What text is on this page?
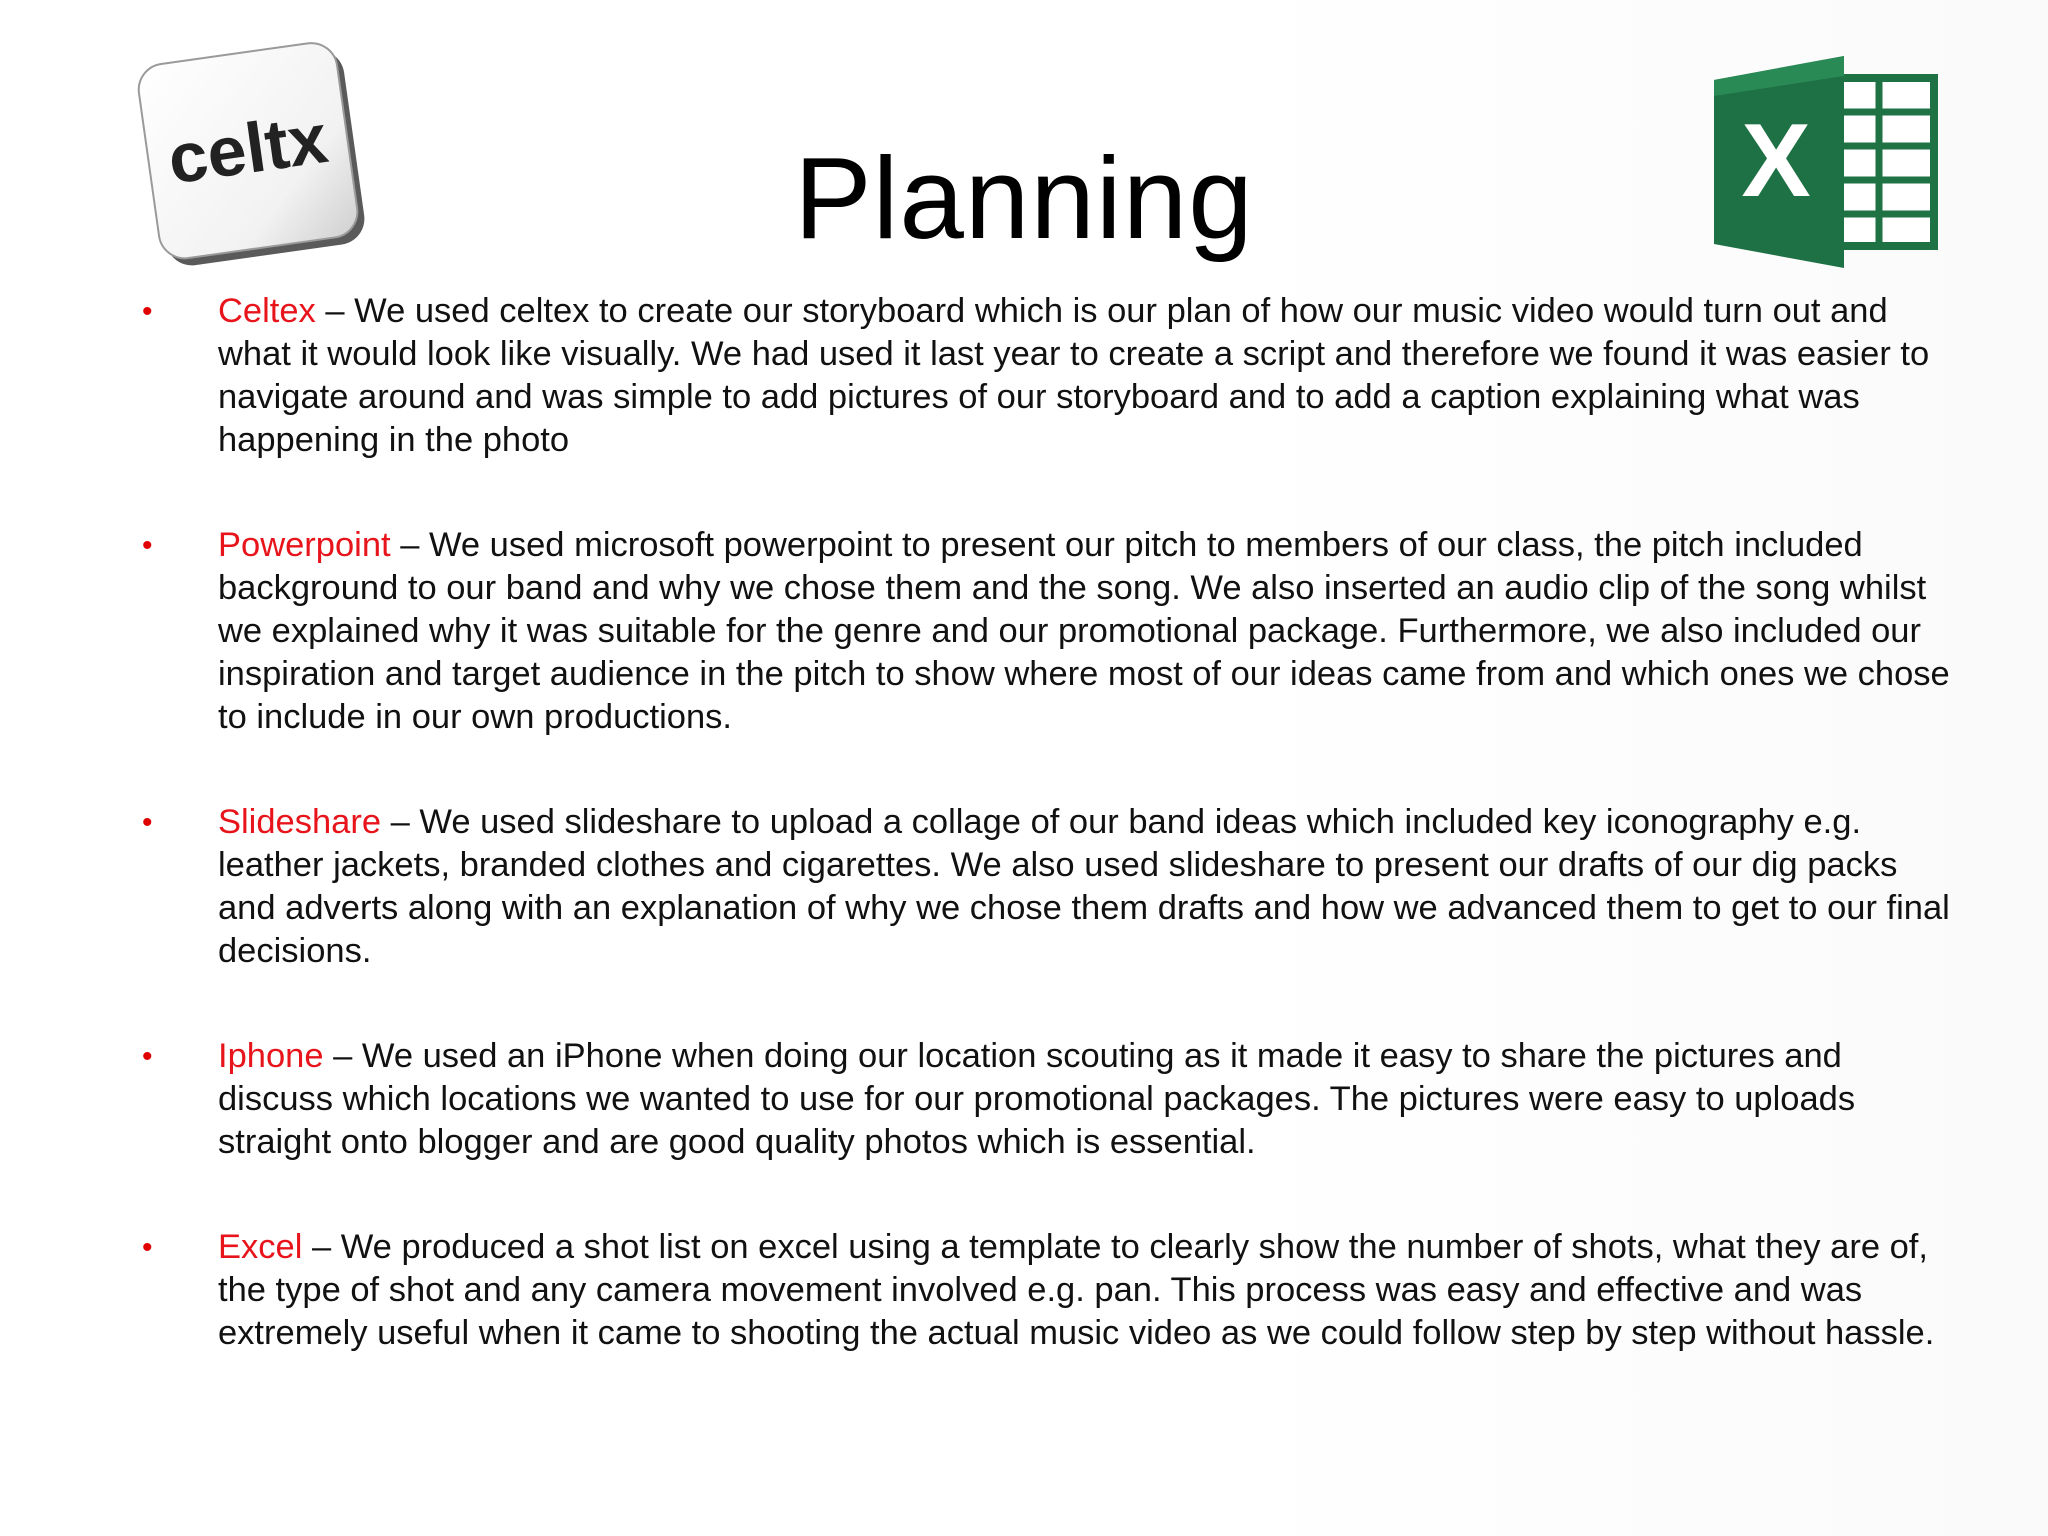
celtx	X
Planning
• Celtex – We used celtex to create our storyboard which is our plan of how our music video would turn out and what it would look like visually. We had used it last year to create a script and therefore we found it was easier to navigate around and was simple to add pictures of our storyboard and to add a caption explaining what was happening in the photo
• Powerpoint – We used microsoft powerpoint to present our pitch to members of our class, the pitch included background to our band and why we chose them and the song. We also inserted an audio clip of the song whilst we explained why it was suitable for the genre and our promotional package. Furthermore, we also included our inspiration and target audience in the pitch to show where most of our ideas came from and which ones we chose to include in our own productions.
• Slideshare – We used slideshare to upload a collage of our band ideas which included key iconography e.g. leather jackets, branded clothes and cigarettes. We also used slideshare to present our drafts of our dig packs and adverts along with an explanation of why we chose them drafts and how we advanced them to get to our final decisions.
• Iphone – We used an iPhone when doing our location scouting as it made it easy to share the pictures and discuss which locations we wanted to use for our promotional packages. The pictures were easy to uploads straight onto blogger and are good quality photos which is essential.
• Excel – We produced a shot list on excel using a template to clearly show the number of shots, what they are of, the type of shot and any camera movement involved e.g. pan. This process was easy and effective and was extremely useful when it came to shooting the actual music video as we could follow step by step without hassle.
